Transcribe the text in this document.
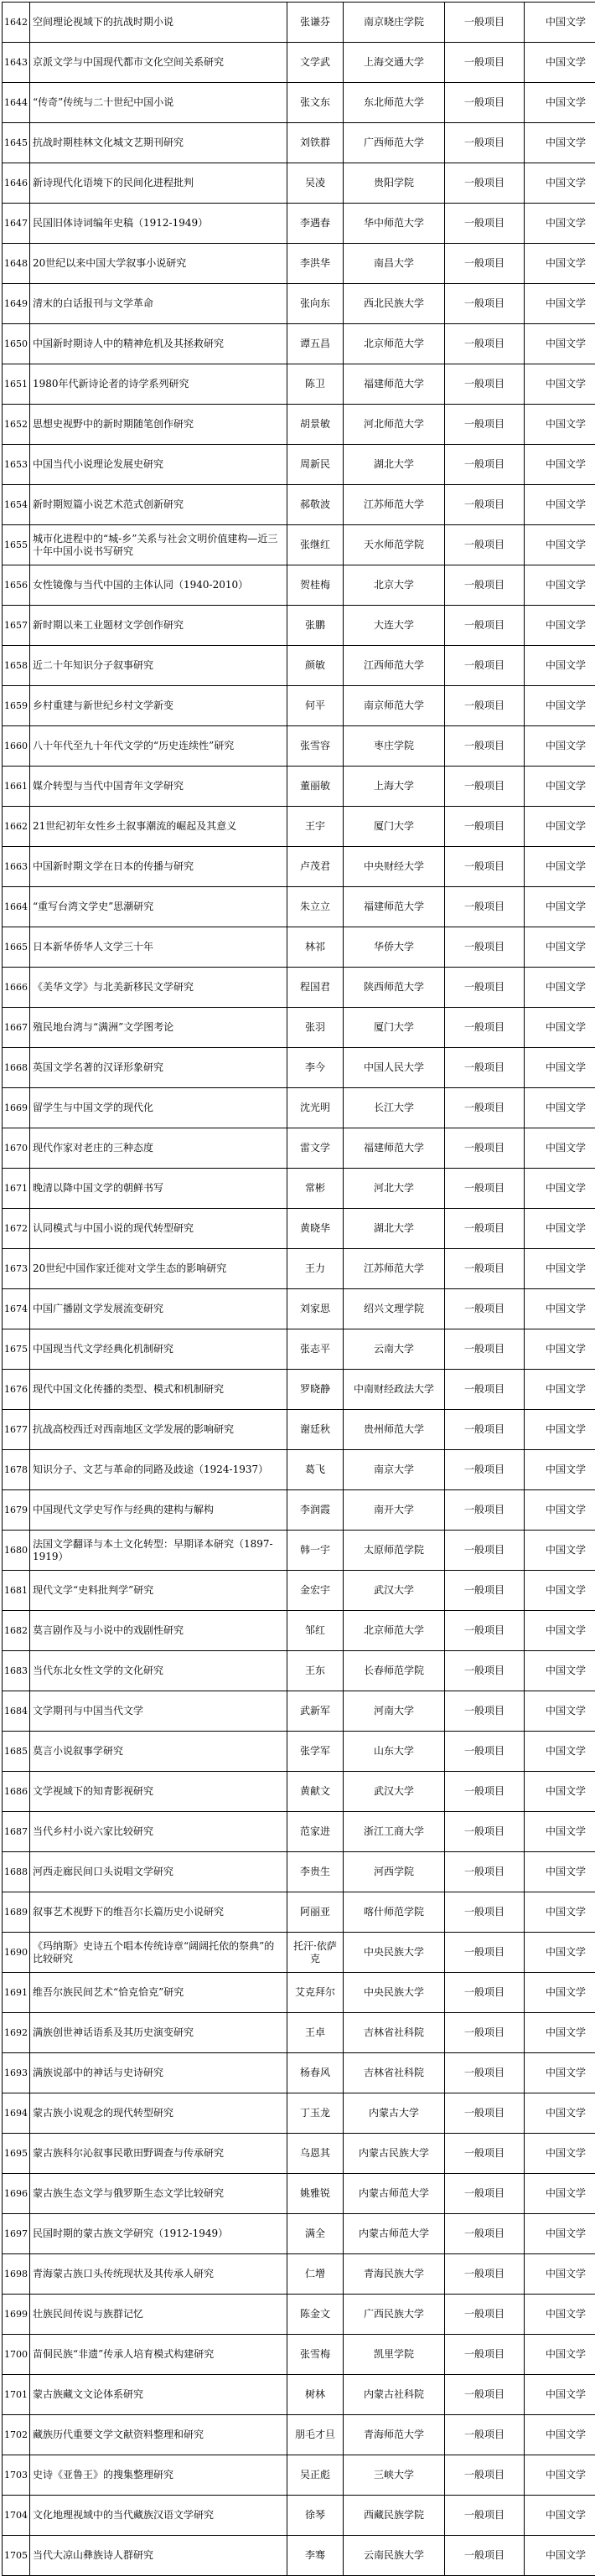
1642	空间理论视域下的抗战时期小说	张谦芬	南京晓庄学院	一般项目	中国文学
1643	京派文学与中国现代都市文化空间关系研究	文学武	上海交通大学	一般项目	中国文学
1644	“传奇”传统与二十世纪中国小说	张文东	东北师范大学	一般项目	中国文学
1645	抗战时期桂林文化城文艺期刊研究	刘铁群	广西师范大学	一般项目	中国文学
1646	新诗现代化语境下的民间化进程批判	吴凌	贵阳学院	一般项目	中国文学
1647	民国旧体诗词编年史稿（1912-1949）	李遇春	华中师范大学	一般项目	中国文学
1648	20世纪以来中国大学叙事小说研究	李洪华	南昌大学	一般项目	中国文学
1649	清末的白话报刊与文学革命	张向东	西北民族大学	一般项目	中国文学
1650	中国新时期诗人中的精神危机及其拯救研究	谭五昌	北京师范大学	一般项目	中国文学
1651	1980年代新诗论者的诗学系列研究	陈卫	福建师范大学	一般项目	中国文学
1652	思想史视野中的新时期随笔创作研究	胡景敏	河北师范大学	一般项目	中国文学
1653	中国当代小说理论发展史研究	周新民	湖北大学	一般项目	中国文学
1654	新时期短篇小说艺术范式创新研究	郝敬波	江苏师范大学	一般项目	中国文学
1655	城市化进程中的“城-乡”关系与社会文明价值建构—近三十年中国小说书写研究	张继红	天水师范学院	一般项目	中国文学
1656	女性镜像与当代中国的主体认同（1940-2010）	贺桂梅	北京大学	一般项目	中国文学
1657	新时期以来工业题材文学创作研究	张鹏	大连大学	一般项目	中国文学
1658	近二十年知识分子叙事研究	颜敏	江西师范大学	一般项目	中国文学
1659	乡村重建与新世纪乡村文学新变	何平	南京师范大学	一般项目	中国文学
1660	八十年代至九十年代文学的“历史连续性”研究	张雪容	枣庄学院	一般项目	中国文学
1661	媒介转型与当代中国青年文学研究	董丽敏	上海大学	一般项目	中国文学
1662	21世纪初年女性乡土叙事潮流的崛起及其意义	王宇	厦门大学	一般项目	中国文学
1663	中国新时期文学在日本的传播与研究	卢茂君	中央财经大学	一般项目	中国文学
1664	“重写台湾文学史”思潮研究	朱立立	福建师范大学	一般项目	中国文学
1665	日本新华侨华人文学三十年	林祁	华侨大学	一般项目	中国文学
1666	《美华文学》与北美新移民文学研究	程国君	陕西师范大学	一般项目	中国文学
1667	殖民地台湾与“满洲”文学图考论	张羽	厦门大学	一般项目	中国文学
1668	英国文学名著的汉译形象研究	李今	中国人民大学	一般项目	中国文学
1669	留学生与中国文学的现代化	沈光明	长江大学	一般项目	中国文学
1670	现代作家对老庄的三种态度	雷文学	福建师范大学	一般项目	中国文学
1671	晚清以降中国文学的朝鲜书写	常彬	河北大学	一般项目	中国文学
1672	认同模式与中国小说的现代转型研究	黄晓华	湖北大学	一般项目	中国文学
1673	20世纪中国作家迁徙对文学生态的影响研究	王力	江苏师范大学	一般项目	中国文学
1674	中国广播剧文学发展流变研究	刘家思	绍兴文理学院	一般项目	中国文学
1675	中国现当代文学经典化机制研究	张志平	云南大学	一般项目	中国文学
1676	现代中国文化传播的类型、模式和机制研究	罗晓静	中南财经政法大学	一般项目	中国文学
1677	抗战高校西迁对西南地区文学发展的影响研究	谢廷秋	贵州师范大学	一般项目	中国文学
1678	知识分子、文艺与革命的同路及歧途（1924-1937）	葛飞	南京大学	一般项目	中国文学
1679	中国现代文学史写作与经典的建构与解构	李润霞	南开大学	一般项目	中国文学
1680	法国文学翻译与本土文化转型：早期译本研究（1897-1919）	韩一宇	太原师范学院	一般项目	中国文学
1681	现代文学“史料批判学”研究	金宏宇	武汉大学	一般项目	中国文学
1682	莫言剧作及与小说中的戏剧性研究	邹红	北京师范大学	一般项目	中国文学
1683	当代东北女性文学的文化研究	王东	长春师范学院	一般项目	中国文学
1684	文学期刊与中国当代文学	武新军	河南大学	一般项目	中国文学
1685	莫言小说叙事学研究	张学军	山东大学	一般项目	中国文学
1686	文学视域下的知青影视研究	黄献文	武汉大学	一般项目	中国文学
1687	当代乡村小说六家比较研究	范家进	浙江工商大学	一般项目	中国文学
1688	河西走廊民间口头说唱文学研究	李贵生	河西学院	一般项目	中国文学
1689	叙事艺术视野下的维吾尔长篇历史小说研究	阿丽亚	喀什师范学院	一般项目	中国文学
1690	《玛纳斯》史诗五个唱本传统诗章“阔阔托依的祭典”的比较研究	托汗·依萨克	中央民族大学	一般项目	中国文学
1691	维吾尔族民间艺术“恰克恰克”研究	艾克拜尔	中央民族大学	一般项目	中国文学
1692	满族创世神话语系及其历史演变研究	王卓	吉林省社科院	一般项目	中国文学
1693	满族说部中的神话与史诗研究	杨春风	吉林省社科院	一般项目	中国文学
1694	蒙古族小说观念的现代转型研究	丁玉龙	内蒙古大学	一般项目	中国文学
1695	蒙古族科尔沁叙事民歌田野调查与传承研究	乌恩其	内蒙古民族大学	一般项目	中国文学
1696	蒙古族生态文学与俄罗斯生态文学比较研究	姚雅锐	内蒙古师范大学	一般项目	中国文学
1697	民国时期的蒙古族文学研究（1912-1949）	满全	内蒙古师范大学	一般项目	中国文学
1698	青海蒙古族口头传统现状及其传承人研究	仁增	青海民族大学	一般项目	中国文学
1699	壮族民间传说与族群记忆	陈金文	广西民族大学	一般项目	中国文学
1700	苗侗民族“非遗”传承人培育模式构建研究	张雪梅	凯里学院	一般项目	中国文学
1701	蒙古族藏文文论体系研究	树林	内蒙古社科院	一般项目	中国文学
1702	藏族历代重要文学文献资料整理和研究	朋毛才旦	青海师范大学	一般项目	中国文学
1703	史诗《亚鲁王》的搜集整理研究	吴正彪	三峡大学	一般项目	中国文学
1704	文化地理视域中的当代藏族汉语文学研究	徐琴	西藏民族学院	一般项目	中国文学
1705	当代大凉山彝族诗人群研究	李骞	云南民族大学	一般项目	中国文学
